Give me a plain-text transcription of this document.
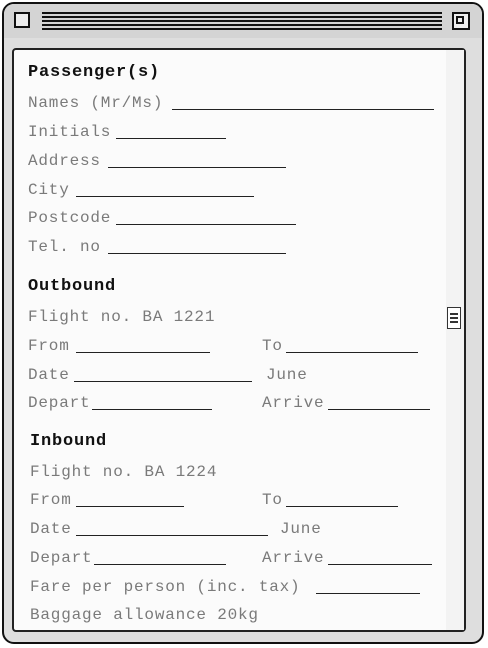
Passenger(s)
Names (Mr/Ms)
Initials
Address
City
Postcode
Tel. no
Outbound
Flight no. BA 1221
From	To
Date	June
Depart	Arrive
Inbound
Flight no. BA 1224
From	To
Date	June
Depart	Arrive
Fare per person (inc. tax)
Baggage allowance 20kg
